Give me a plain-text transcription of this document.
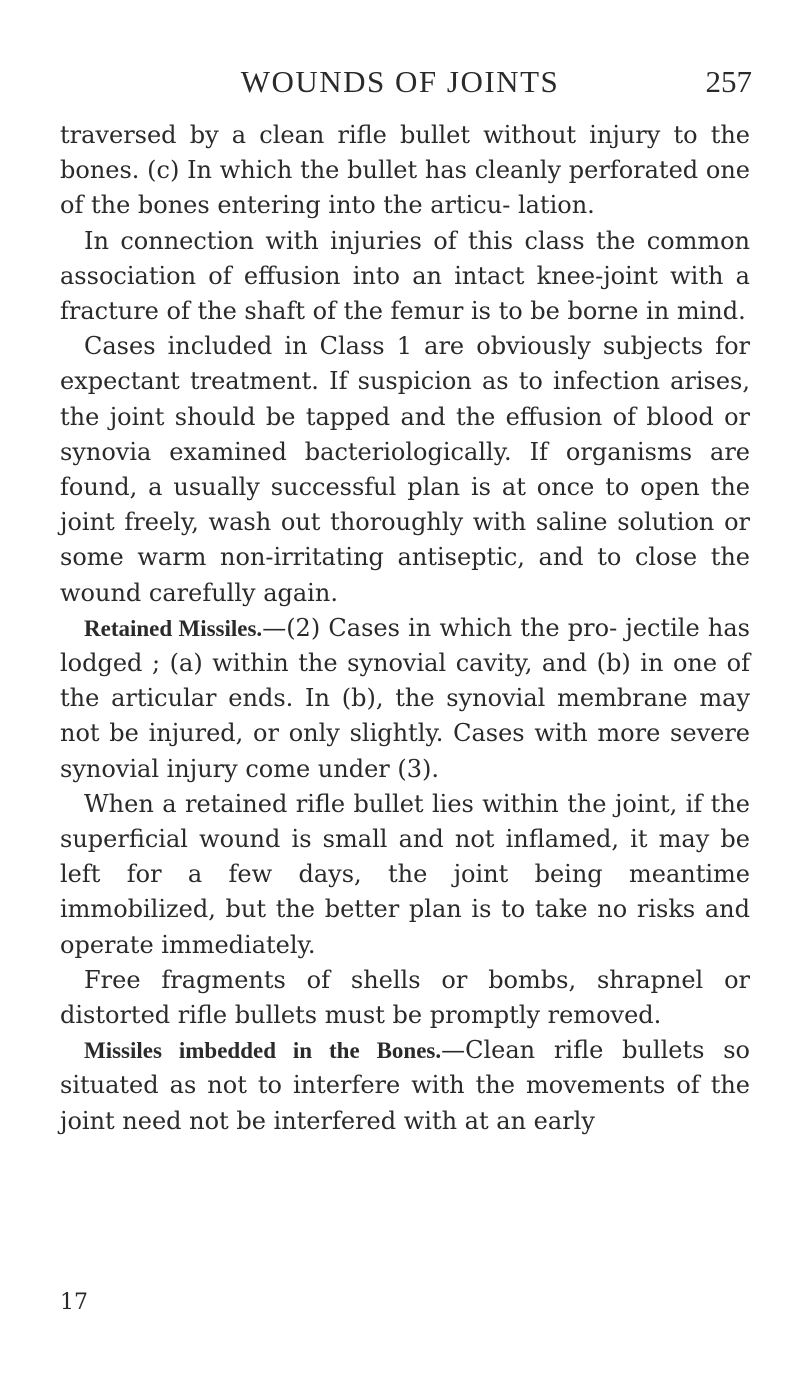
WOUNDS OF JOINTS	257

traversed by a clean rifle bullet without injury to the bones. (c) In which the bullet has cleanly perforated one of the bones entering into the articu- lation.

In connection with injuries of this class the common association of effusion into an intact knee-joint with a fracture of the shaft of the femur is to be borne in mind.

Cases included in Class 1 are obviously subjects for expectant treatment. If suspicion as to infection arises, the joint should be tapped and the effusion of blood or synovia examined bacteriologically. If organisms are found, a usually successful plan is at once to open the joint freely, wash out thoroughly with saline solution or some warm non-irritating antiseptic, and to close the wound carefully again.

Retained Missiles.—(2) Cases in which the pro- jectile has lodged ; (a) within the synovial cavity, and (b) in one of the articular ends. In (b), the synovial membrane may not be injured, or only slightly. Cases with more severe synovial injury come under (3).

When a retained rifle bullet lies within the joint, if the superficial wound is small and not inflamed, it may be left for a few days, the joint being meantime immobilized, but the better plan is to take no risks and operate immediately.

Free fragments of shells or bombs, shrapnel or distorted rifle bullets must be promptly removed.

Missiles imbedded in the Bones.—Clean rifle bullets so situated as not to interfere with the movements of the joint need not be interfered with at an early

17
